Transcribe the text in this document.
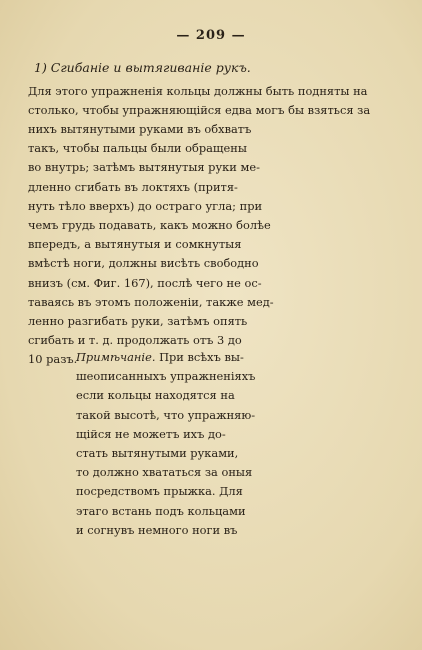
— 209 —
1) Сгибаніе и вытягиваніе рукъ.
Для этого упражненія кольцы должны быть подняты на
столько, чтобы упражняющійся едва могъ бы взяться за
нихъ вытянутыми руками въ обхватъ
такъ, чтобы пальцы были обращены
во внутрь; затѣмъ вытянутыя руки ме-
дленно сгибать въ локтяхъ (притя-
нуть тѣло вверхъ) до остраго угла; при
чемъ грудь подавать, какъ можно болѣе
впередъ, а вытянутыя и сомкнутыя
вмѣстѣ ноги, должны висѣть свободно
внизъ (см. Фиг. 167), послѣ чего не ос-
таваясь въ этомъ положеніи, также мед-
ленно разгибать руки, затѣмъ опять
сгибать и т. д. продолжать отъ 3 до
10 разъ.
Примѣчаніе. При всѣхъ вы-
шеописанныхъ упражненіяхъ
если кольцы находятся на
такой высотѣ, что упражняю-
щійся не можетъ ихъ до-
стать вытянутыми руками,
то должно хвататься за оныя
посредствомъ прыжка. Для
этаго встань подъ кольцами
и согнувъ немного ноги въ
